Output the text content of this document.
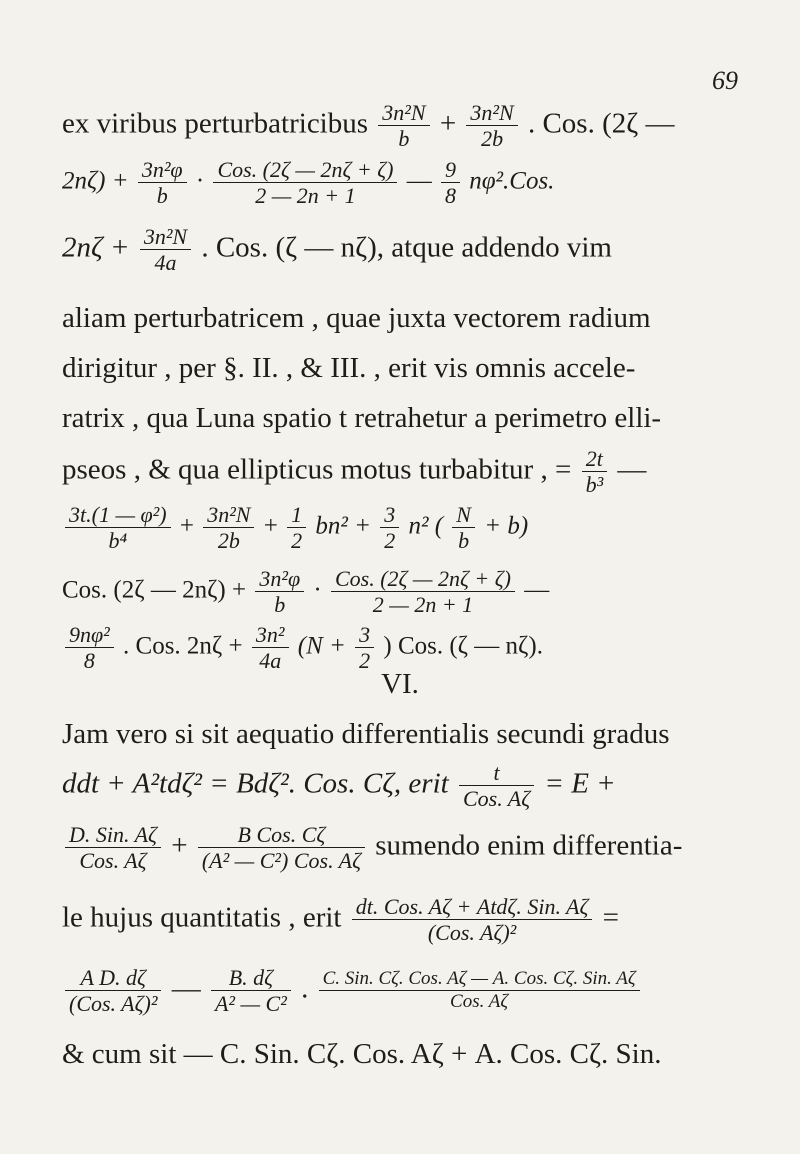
69
ex viribus perturbatricibus $\frac{\text{3n²N}}{b} + \frac{\text{3n²N}}{2b}$ . Cos. (2ζ —
$2n\zeta) + \frac{\text{3n²φ}}{b} \cdot \frac{\text{Cos. (2ζ — 2nζ + ζ)}}{2 — 2n + 1}$ — $\frac{9}{8} n\varphi^2.Cos$.
$2n\zeta + \frac{\text{3n²N}}{4a}$ . Cos. (ζ — nζ), atque addendo vim
aliam perturbatricem , quae juxta vectorem radium
dirigitur , per §. II. , & III. , erit vis omnis accele-
ratrix , qua Luna spatio t retrahetur a perimetro elli-
pseos , & qua ellipticus motus turbabitur , = $\frac{2t}{\text{b³}}$ —
$\frac{\text{3t.(1 — φ²)}}{\text{b⁴}} + \frac{\text{3n²N}}{2b} + \frac{1}{2} bn^2 + \frac{3}{2} n^2$ ( $\frac{N}{b} + b$)
Cos. (2ζ — $2n\zeta) + \frac{\text{3n²φ}}{b} \cdot \frac{\text{Cos. (2ζ — 2nζ + ζ)}}{2 — 2n + 1}$ —
$\frac{\text{9nφ²}}{8}$ . Cos. $2n\zeta + \frac{\text{3n²}}{4a} (N + \frac{3}{2}$ ) Cos. (ζ — nζ).
VI.
Jam vero si sit aequatio differentialis secundi gradus
ddt + A²tdζ² = Bdζ². Cos. Cζ, erit $\frac{t}{\text{Cos. Aζ}} = E$ +
$\frac{\text{D. Sin. Aζ}}{\text{Cos. Aζ}} + \frac{\text{B Cos. Cζ}}{\text{(A² — C²) Cos. Aζ}}$ sumendo enim differentia-
le hujus quantitatis , erit $\frac{\text{dt. Cos. Aζ + Atdζ. Sin. Aζ}}{\text{(Cos. Aζ)²}}$ =
$\frac{\text{A D. dζ}}{\text{(Cos. Aζ)²}}$ — $\frac{B. d\zeta}{\text{A² — C²}}$ . $\frac{\text{C. Sin. Cζ. Cos. Aζ — A. Cos. Cζ. Sin. Aζ}}{\text{Cos. Aζ}}$
& cum sit — C. Sin. Cζ. Cos. Aζ + A. Cos. Cζ. Sin.
